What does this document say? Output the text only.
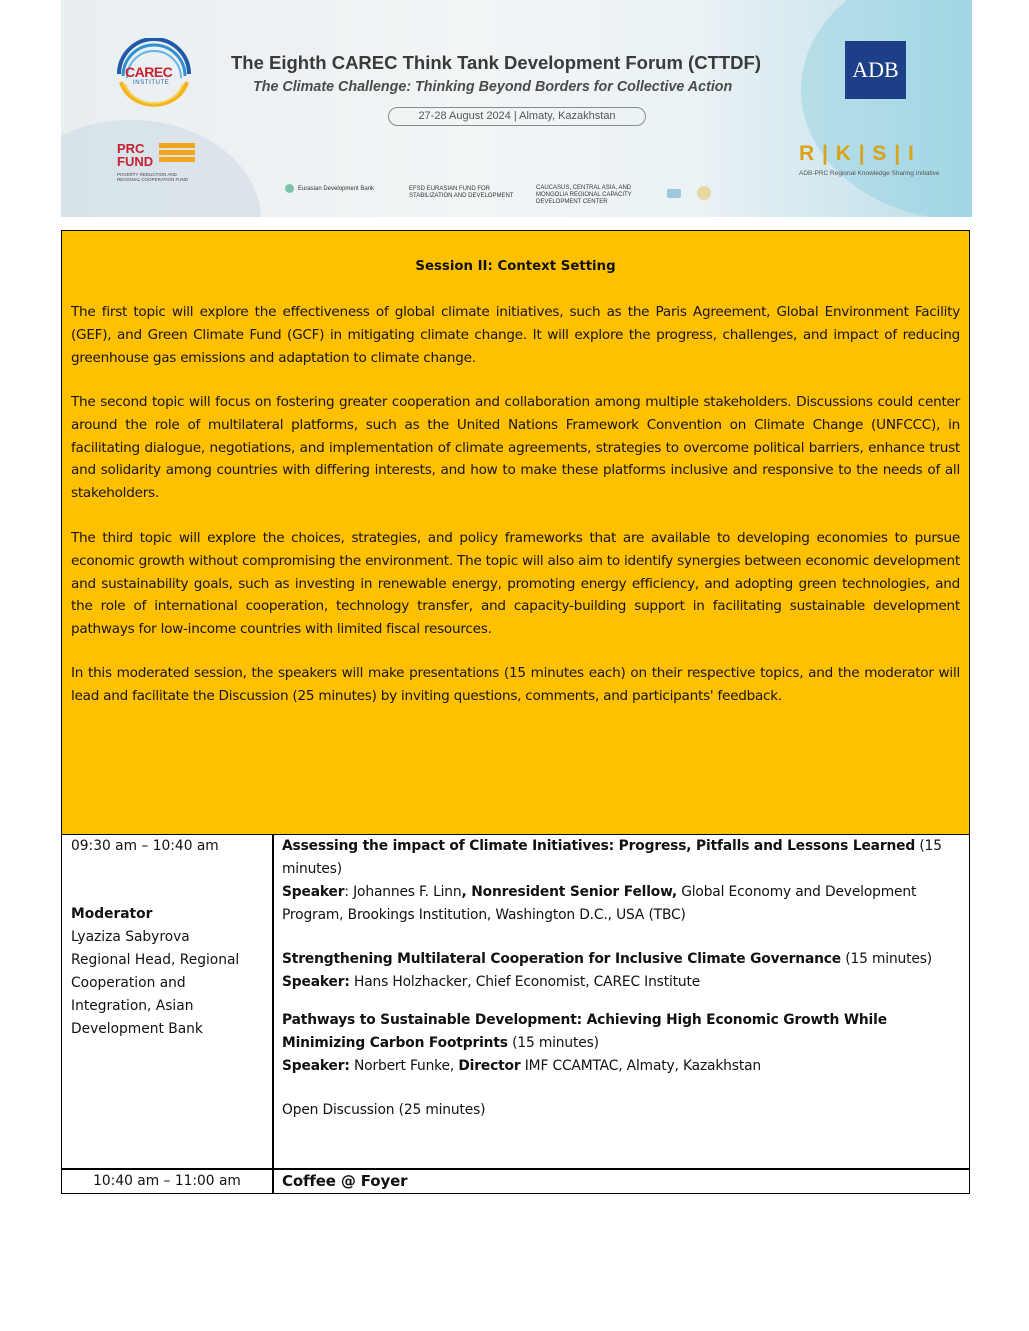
CAREC
INSTITUTE
The Eighth CAREC Think Tank Development Forum (CTTDF)
The Climate Challenge: Thinking Beyond Borders for Collective Action
27-28 August 2024 | Almaty, Kazakhstan
ADB
PRC
FUND
POVERTY REDUCTION AND REGIONAL COOPERATION FUND
R | K | S | I
ADB-PRC Regional Knowledge Sharing Initiative
Eurasian Development Bank	EFSD EURASIAN FUND FOR STABILIZATION AND DEVELOPMENT
CAUCASUS, CENTRAL ASIA, AND MONGOLIA REGIONAL CAPACITY DEVELOPMENT CENTER

Session II: Context Setting
The first topic will explore the effectiveness of global climate initiatives, such as the Paris Agreement, Global Environment Facility (GEF), and Green Climate Fund (GCF) in mitigating climate change. It will explore the progress, challenges, and impact of reducing greenhouse gas emissions and adaptation to climate change.
The second topic will focus on fostering greater cooperation and collaboration among multiple stakeholders. Discussions could center around the role of multilateral platforms, such as the United Nations Framework Convention on Climate Change (UNFCCC), in facilitating dialogue, negotiations, and implementation of climate agreements, strategies to overcome political barriers, enhance trust and solidarity among countries with differing interests, and how to make these platforms inclusive and responsive to the needs of all stakeholders.
The third topic will explore the choices, strategies, and policy frameworks that are available to developing economies to pursue economic growth without compromising the environment. The topic will also aim to identify synergies between economic development and sustainability goals, such as investing in renewable energy, promoting energy efficiency, and adopting green technologies, and the role of international cooperation, technology transfer, and capacity-building support in facilitating sustainable development pathways for low-income countries with limited fiscal resources.
In this moderated session, the speakers will make presentations (15 minutes each) on their respective topics, and the moderator will lead and facilitate the Discussion (25 minutes) by inviting questions, comments, and participants' feedback.
09:30 am – 10:40 am
Moderator
Lyaziza Sabyrova
Regional Head, Regional
Cooperation and
Integration, Asian
Development Bank
Assessing the impact of Climate Initiatives: Progress, Pitfalls and Lessons Learned (15
minutes)
Speaker: Johannes F. Linn, Nonresident Senior Fellow, Global Economy and Development
Program, Brookings Institution, Washington D.C., USA (TBC)
Strengthening Multilateral Cooperation for Inclusive Climate Governance (15 minutes)
Speaker: Hans Holzhacker, Chief Economist, CAREC Institute
Pathways to Sustainable Development: Achieving High Economic Growth While
Minimizing Carbon Footprints (15 minutes)
Speaker: Norbert Funke, Director IMF CCAMTAC, Almaty, Kazakhstan
Open Discussion (25 minutes)
10:40 am – 11:00 am	Coffee @ Foyer
